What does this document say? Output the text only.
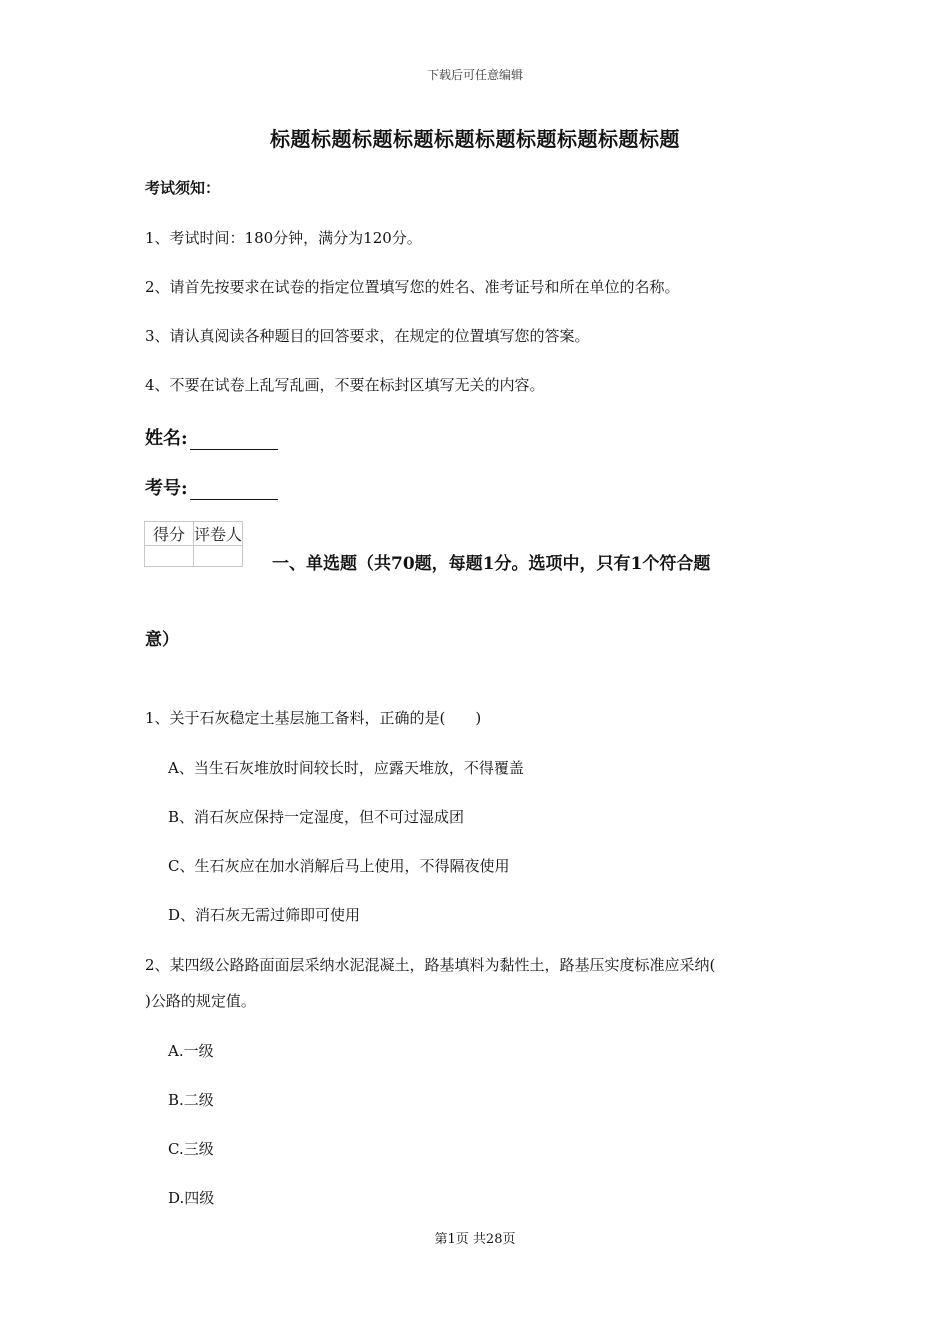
下载后可任意编辑
标题标题标题标题标题标题标题标题标题标题
考试须知：
1、考试时间：180分钟，满分为120分。
2、请首先按要求在试卷的指定位置填写您的姓名、准考证号和所在单位的名称。
3、请认真阅读各种题目的回答要求，在规定的位置填写您的答案。
4、不要在试卷上乱写乱画，不要在标封区填写无关的内容。
姓名:
考号:
得分	评卷人

一、单选题（共70题，每题1分。选项中，只有1个符合题
意）
1、关于石灰稳定土基层施工备料，正确的是(　　)
A、当生石灰堆放时间较长时，应露天堆放，不得覆盖
B、消石灰应保持一定湿度，但不可过湿成团
C、生石灰应在加水消解后马上使用，不得隔夜使用
D、消石灰无需过筛即可使用
2、某四级公路路面面层采纳水泥混凝土，路基填料为黏性土，路基压实度标准应采纳(
)公路的规定值。
A.一级
B.二级
C.三级
D.四级
第1页 共28页
